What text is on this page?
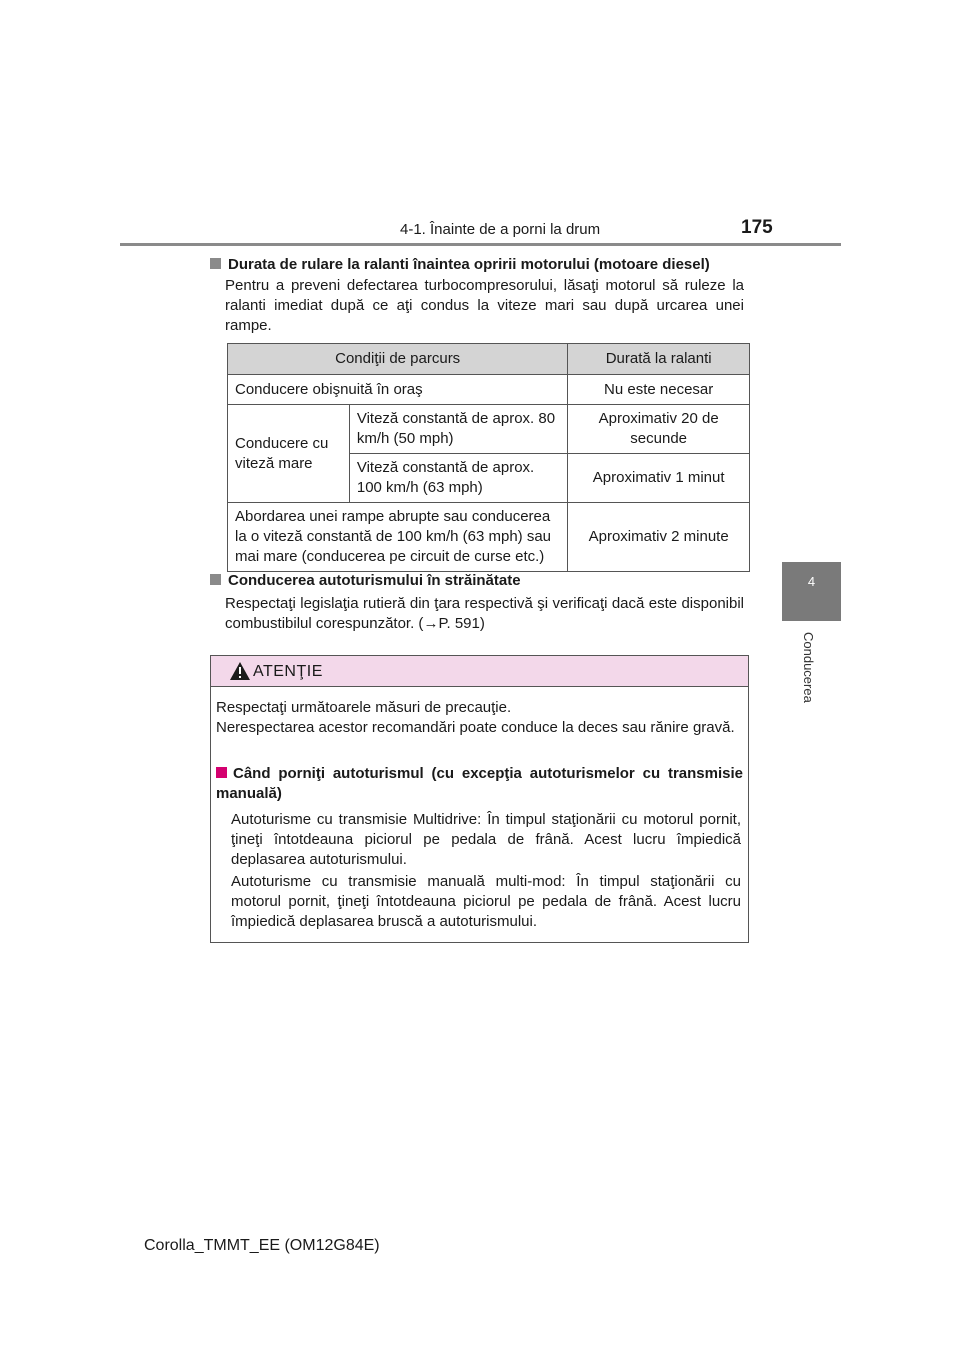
4-1. Înainte de a porni la drum	175
4
Conducerea
Durata de rulare la ralanti înaintea opririi motorului (motoare diesel)
Pentru a preveni defectarea turbocompresorului, lăsaţi motorul să ruleze la ralanti imediat după ce aţi condus la viteze mari sau după urcarea unei rampe.
Condiţii de parcurs		Durată la ralanti
Conducere obişnuită în oraş		Nu este necesar
Conducere cu viteză mare	Viteză constantă de aprox. 80 km/h (50 mph)	Aproximativ 20 de secunde
	Viteză constantă de aprox. 100 km/h (63 mph)	Aproximativ 1 minut
Abordarea unei rampe abrupte sau conducerea la o viteză constantă de 100 km/h (63 mph) sau mai mare (conducerea pe circuit de curse etc.)		Aproximativ 2 minute
Conducerea autoturismului în străinătate
Respectaţi legislaţia rutieră din ţara respectivă şi verificaţi dacă este disponibil combustibilul corespunzător. (→P. 591)
ATENŢIE
Respectaţi următoarele măsuri de precauţie.
Nerespectarea acestor recomandări poate conduce la deces sau rănire gravă.
Când porniţi autoturismul (cu excepţia autoturismelor cu transmisie manuală)
Autoturisme cu transmisie Multidrive: În timpul staţionării cu motorul pornit, ţineţi întotdeauna piciorul pe pedala de frână. Acest lucru împiedică deplasarea autoturismului.
Autoturisme cu transmisie manuală multi-mod: În timpul staţionării cu motorul pornit, ţineţi întotdeauna piciorul pe pedala de frână. Acest lucru împiedică deplasarea bruscă a autoturismului.
Corolla_TMMT_EE (OM12G84E)
